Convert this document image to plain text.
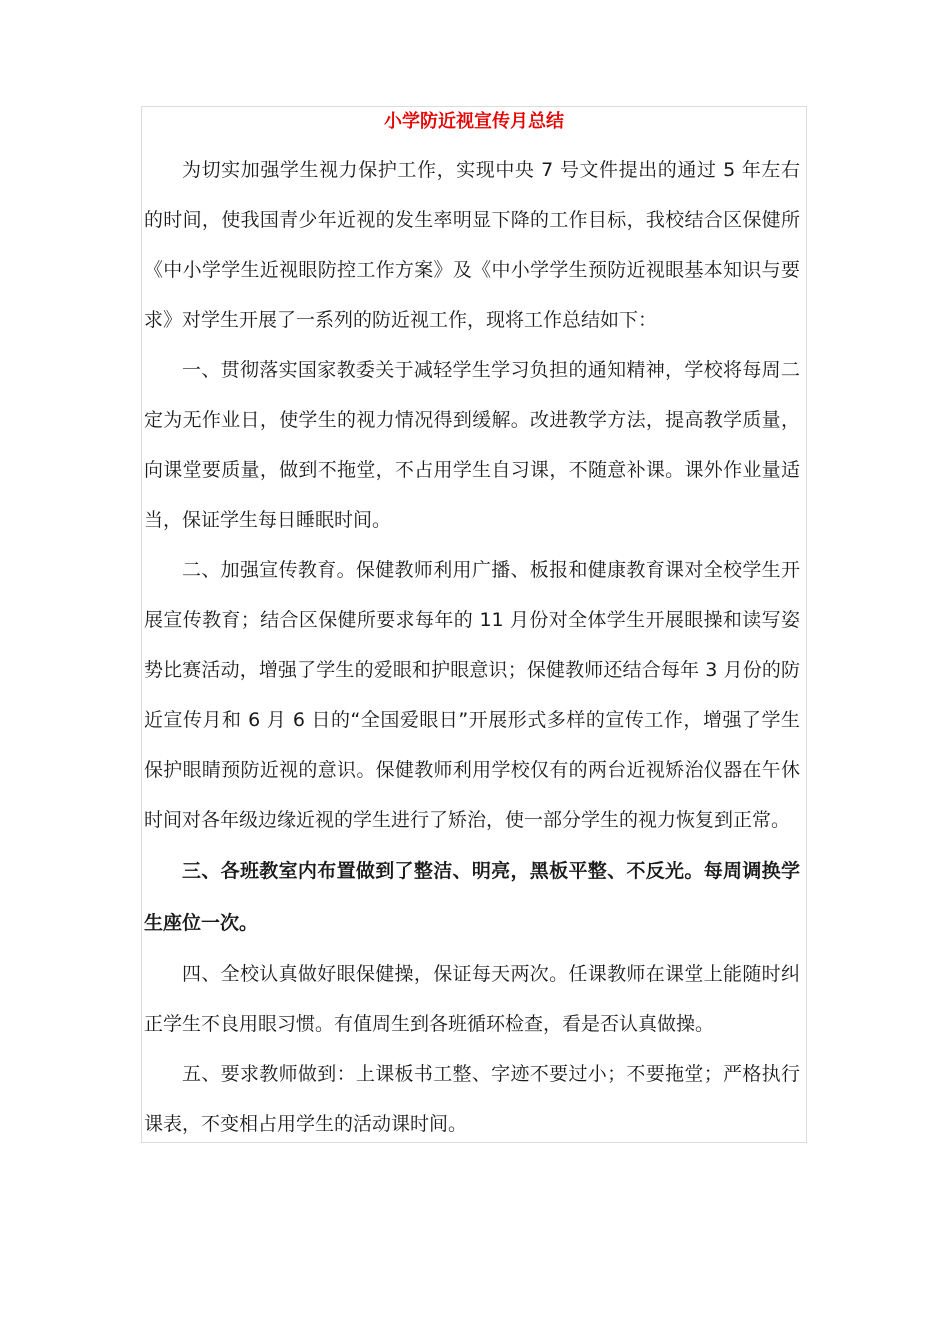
小学防近视宣传月总结

为切实加强学生视力保护工作，实现中央 7 号文件提出的通过 5 年左右的时间，使我国青少年近视的发生率明显下降的工作目标，我校结合区保健所《中小学学生近视眼防控工作方案》及《中小学学生预防近视眼基本知识与要求》对学生开展了一系列的防近视工作，现将工作总结如下：

一、贯彻落实国家教委关于减轻学生学习负担的通知精神，学校将每周二定为无作业日，使学生的视力情况得到缓解。改进教学方法，提高教学质量，向课堂要质量，做到不拖堂，不占用学生自习课，不随意补课。课外作业量适当，保证学生每日睡眠时间。

二、加强宣传教育。保健教师利用广播、板报和健康教育课对全校学生开展宣传教育；结合区保健所要求每年的 11 月份对全体学生开展眼操和读写姿势比赛活动，增强了学生的爱眼和护眼意识；保健教师还结合每年 3 月份的防近宣传月和 6 月 6 日的“全国爱眼日”开展形式多样的宣传工作，增强了学生保护眼睛预防近视的意识。保健教师利用学校仅有的两台近视矫治仪器在午休时间对各年级边缘近视的学生进行了矫治，使一部分学生的视力恢复到正常。

三、各班教室内布置做到了整洁、明亮，黑板平整、不反光。每周调换学生座位一次。

四、全校认真做好眼保健操，保证每天两次。任课教师在课堂上能随时纠正学生不良用眼习惯。有值周生到各班循环检查，看是否认真做操。

五、要求教师做到：上课板书工整、字迹不要过小；不要拖堂；严格执行课表，不变相占用学生的活动课时间。
